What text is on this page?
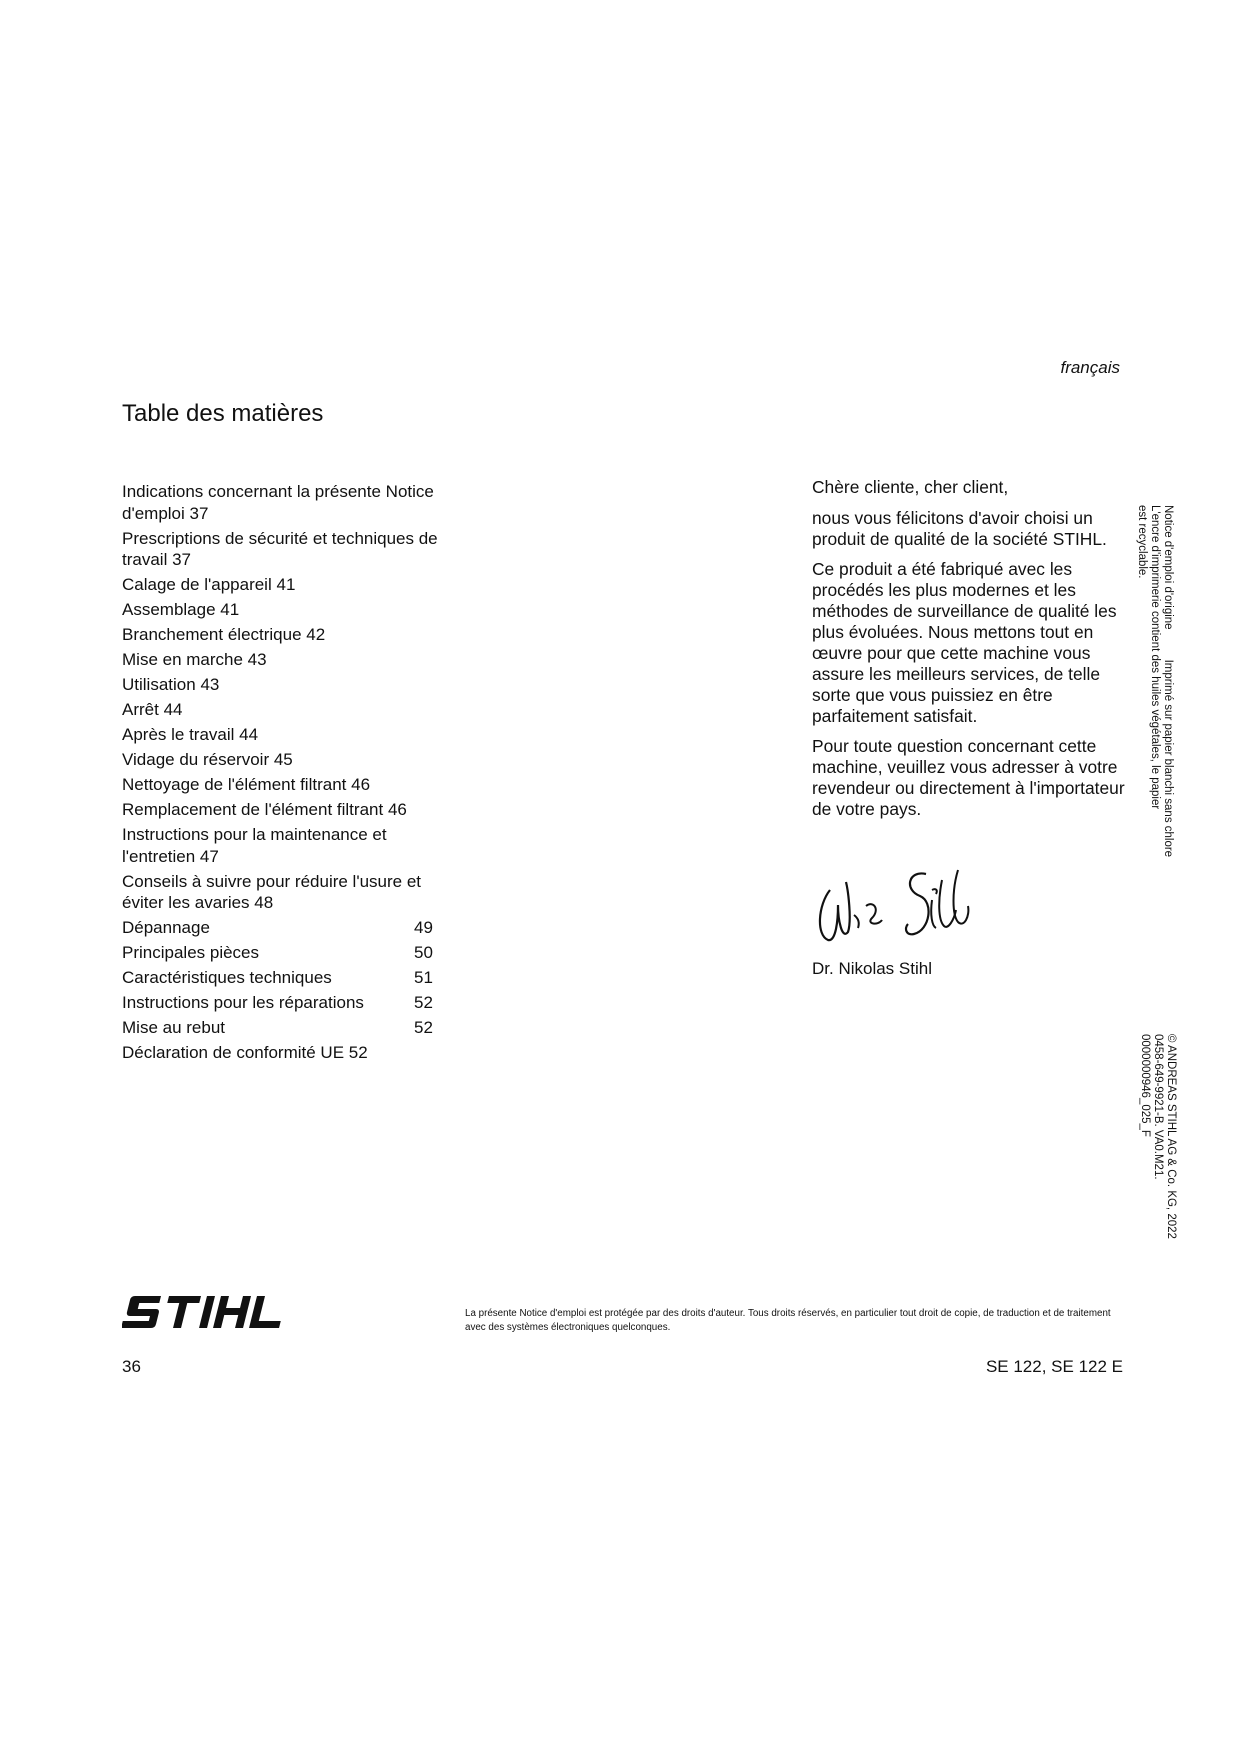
français
Table des matières
Indications concernant la présente Notice d'emploi 37
Prescriptions de sécurité et techniques de travail 37
Calage de l'appareil 41
Assemblage 41
Branchement électrique 42
Mise en marche 43
Utilisation 43
Arrêt 44
Après le travail 44
Vidage du réservoir 45
Nettoyage de l'élément filtrant 46
Remplacement de l'élément filtrant 46
Instructions pour la maintenance et l'entretien 47
Conseils à suivre pour réduire l'usure et éviter les avaries 48
Dépannage	49
Principales pièces	50
Caractéristiques techniques	51
Instructions pour les réparations	52
Mise au rebut	52
Déclaration de conformité UE 52

Chère cliente, cher client,

nous vous félicitons d'avoir choisi un produit de qualité de la société STIHL.

Ce produit a été fabriqué avec les procédés les plus modernes et les méthodes de surveillance de qualité les plus évoluées. Nous mettons tout en œuvre pour que cette machine vous assure les meilleurs services, de telle sorte que vous puissiez en être parfaitement satisfait.

Pour toute question concernant cette machine, veuillez vous adresser à votre revendeur ou directement à l'importateur de votre pays.

Dr. Nikolas Stihl
Notice d'emploi d'origineImprimé sur papier blanchi sans chlore
L'encre d'imprimerie contient des huiles végétales, le papier
est recyclable.
© ANDREAS STIHL AG & Co. KG, 2022
0458-649-9921-B. VA0.M21.
0000000946_025_F
La présente Notice d'emploi est protégée par des droits d'auteur. Tous droits réservés, en particulier tout droit de copie, de traduction et de traitement avec des systèmes électroniques quelconques.
36	SE 122, SE 122 E
